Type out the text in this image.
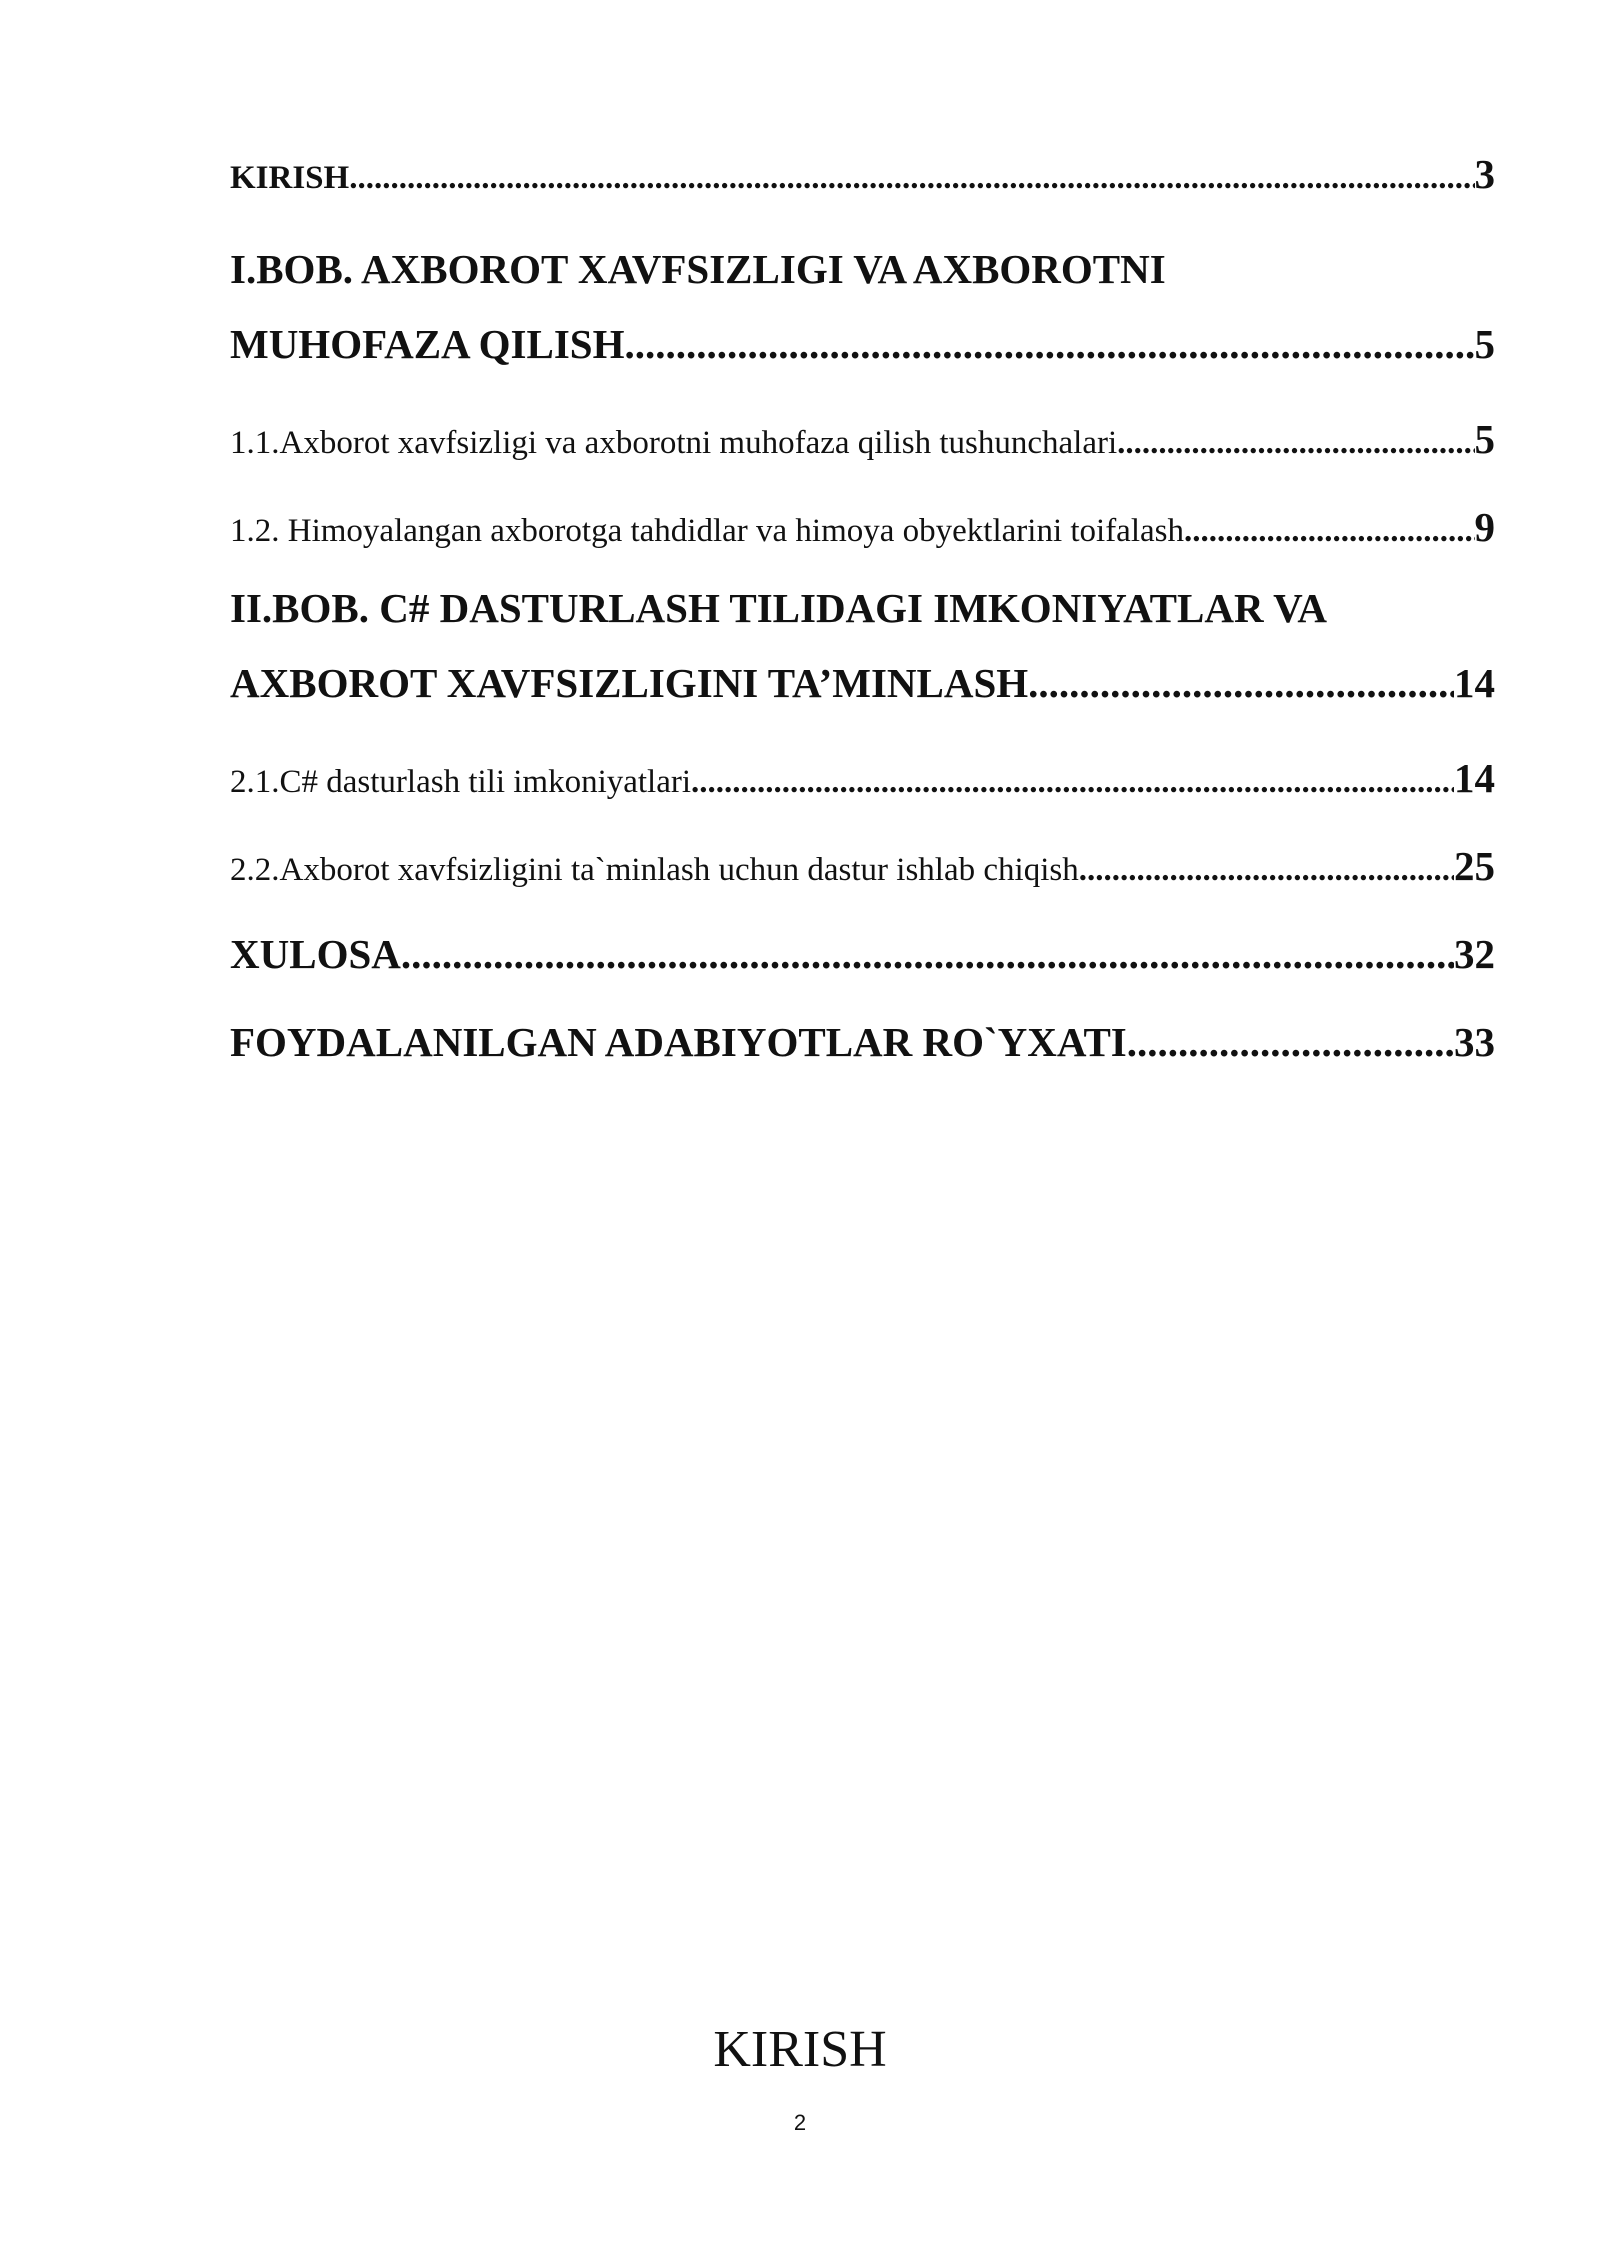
KIRISH .....	3
I.BOB. AXBOROT XAVFSIZLIGI VA AXBOROTNI
MUHOFAZA QILISH .....	5
1.1.Axborot xavfsizligi va axborotni muhofaza qilish tushunchalari .....	5
1.2. Himoyalangan axborotga tahdidlar va himoya obyektlarini toifalash .....	9
II.BOB. C# DASTURLASH TILIDAGI IMKONIYATLAR VA
AXBOROT XAVFSIZLIGINI TA’MINLASH .....	14
2.1.C# dasturlash tili imkoniyatlari .....	14
2.2.Axborot xavfsizligini ta`minlash uchun dastur ishlab chiqish .....	25
XULOSA .....	32
FOYDALANILGAN ADABIYOTLAR RO`YXATI .....	33
KIRISH
2
